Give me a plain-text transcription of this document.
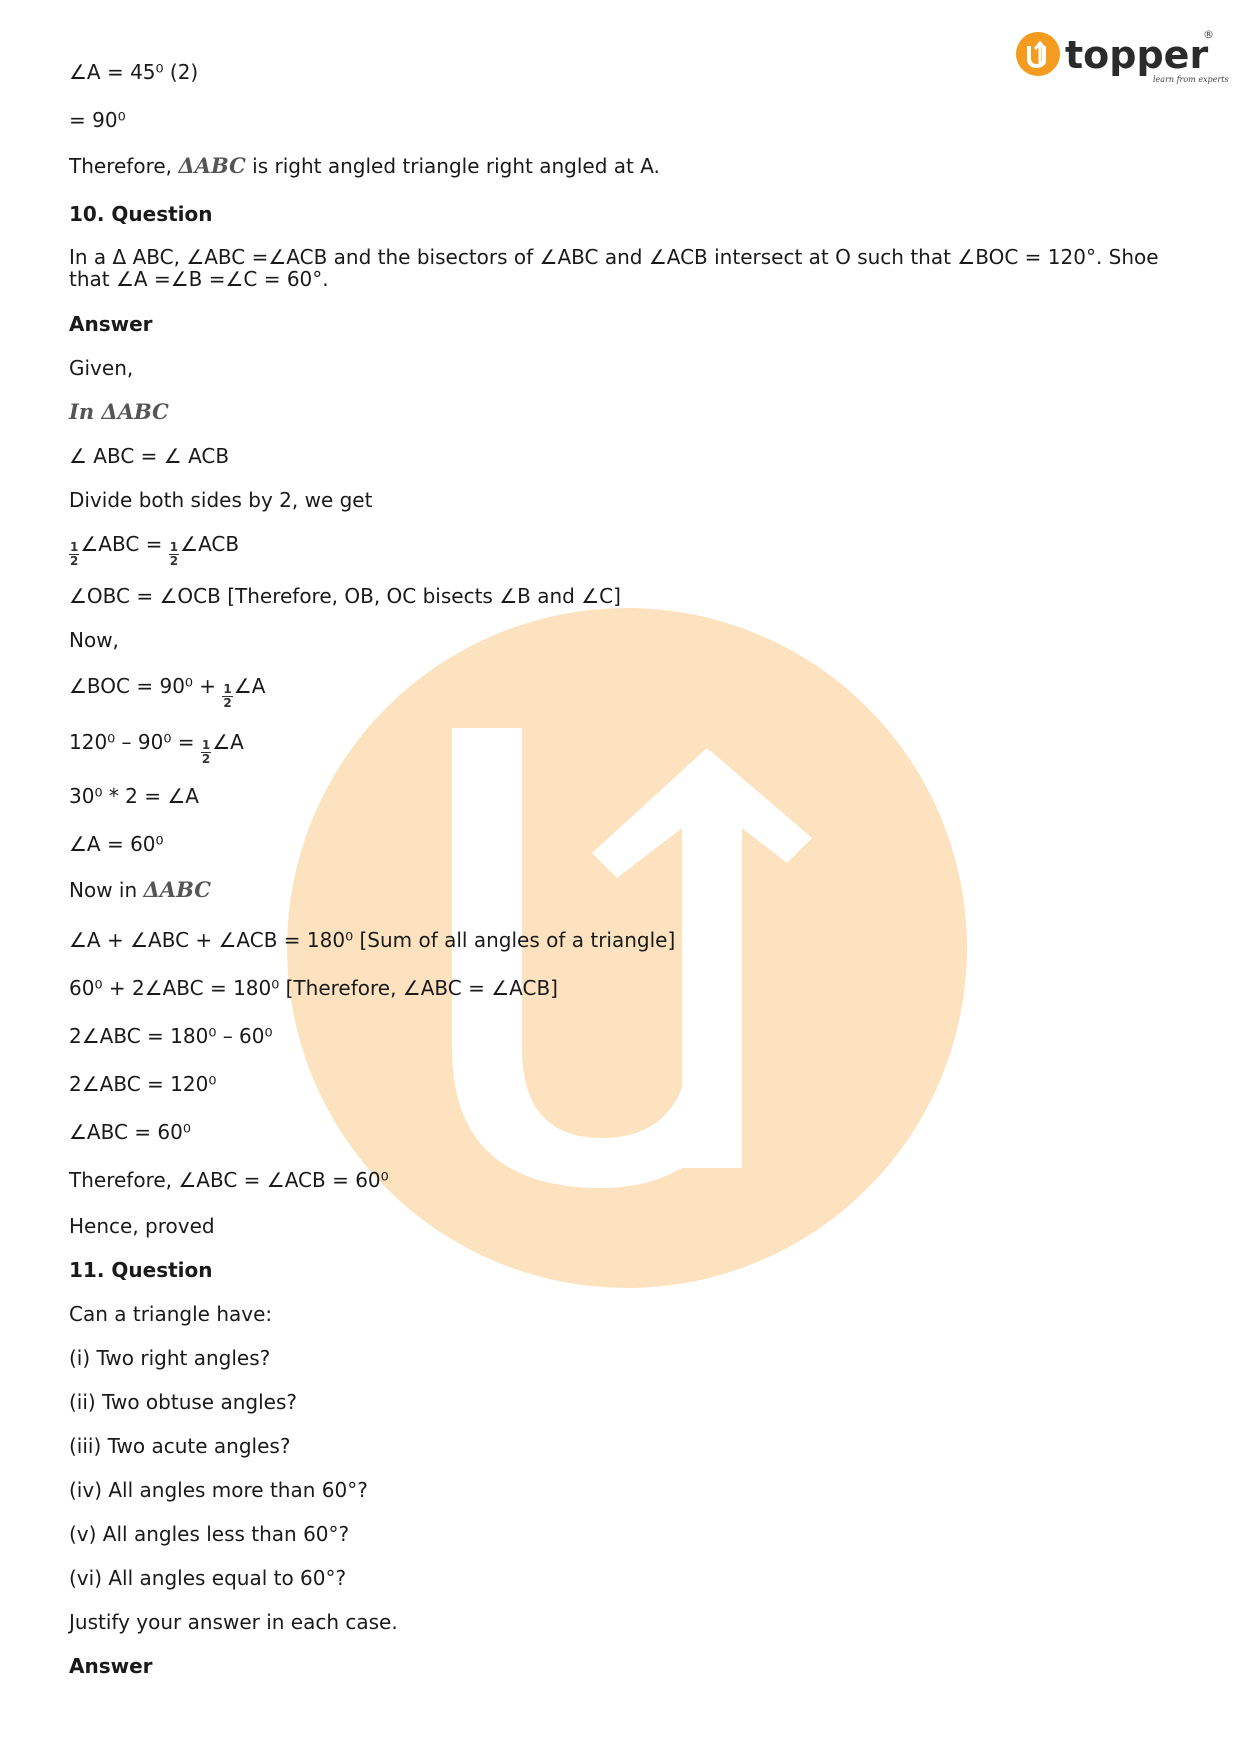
topper
learn from experts
®
∠A = 45⁰ (2)
= 90⁰
Therefore, ΔABC is right angled triangle right angled at A.
10. Question
In a Δ ABC, ∠ABC =∠ACB and the bisectors of ∠ABC and ∠ACB intersect at O such that ∠BOC = 120°. Shoe that ∠A =∠B =∠C = 60°.
Answer
Given,
In ΔABC
∠ ABC = ∠ ACB
Divide both sides by 2, we get
$\frac{1}{2}$ ∠ABC = $\frac{1}{2}$ ∠ACB
∠OBC = ∠OCB [Therefore, OB, OC bisects ∠B and ∠C]
Now,
∠BOC = $90^0 + \frac{1}{2}$ ∠A
$120^0 - 90^0 = \frac{1}{2}$ ∠A
30⁰ * 2 = ∠A
∠A = 60⁰
Now in ΔABC
∠A + ∠ABC + ∠ACB = 180⁰ [Sum of all angles of a triangle]
60⁰ + 2∠ABC = 180⁰ [Therefore, ∠ABC = ∠ACB]
2∠ABC = 180⁰ – 60⁰
2∠ABC = 120⁰
∠ABC = 60⁰
Therefore, ∠ABC = ∠ACB = 60⁰
Hence, proved
11. Question
Can a triangle have:
(i) Two right angles?
(ii) Two obtuse angles?
(iii) Two acute angles?
(iv) All angles more than 60°?
(v) All angles less than 60°?
(vi) All angles equal to 60°?
Justify your answer in each case.
Answer
